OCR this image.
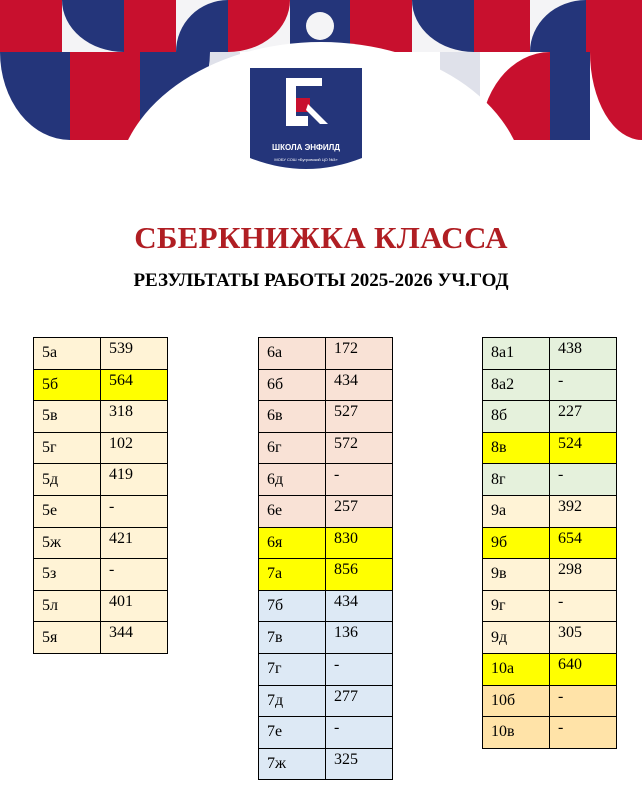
ШКОЛА ЭНФИЛД
МОБУ СОШ «Бугровский ЦО №3»
СБЕРКНИЖКА КЛАССА
РЕЗУЛЬТАТЫ РАБОТЫ 2025-2026 УЧ.ГОД
5а	539
5б	564
5в	318
5г	102
5д	419
5е	-
5ж	421
5з	-
5л	401
5я	344
6а	172
6б	434
6в	527
6г	572
6д	-
6е	257
6я	830
7а	856
7б	434
7в	136
7г	-
7д	277
7е	-
7ж	325
8а1	438
8а2	-
8б	227
8в	524
8г	-
9а	392
9б	654
9в	298
9г	-
9д	305
10а	640
10б	-
10в	-
